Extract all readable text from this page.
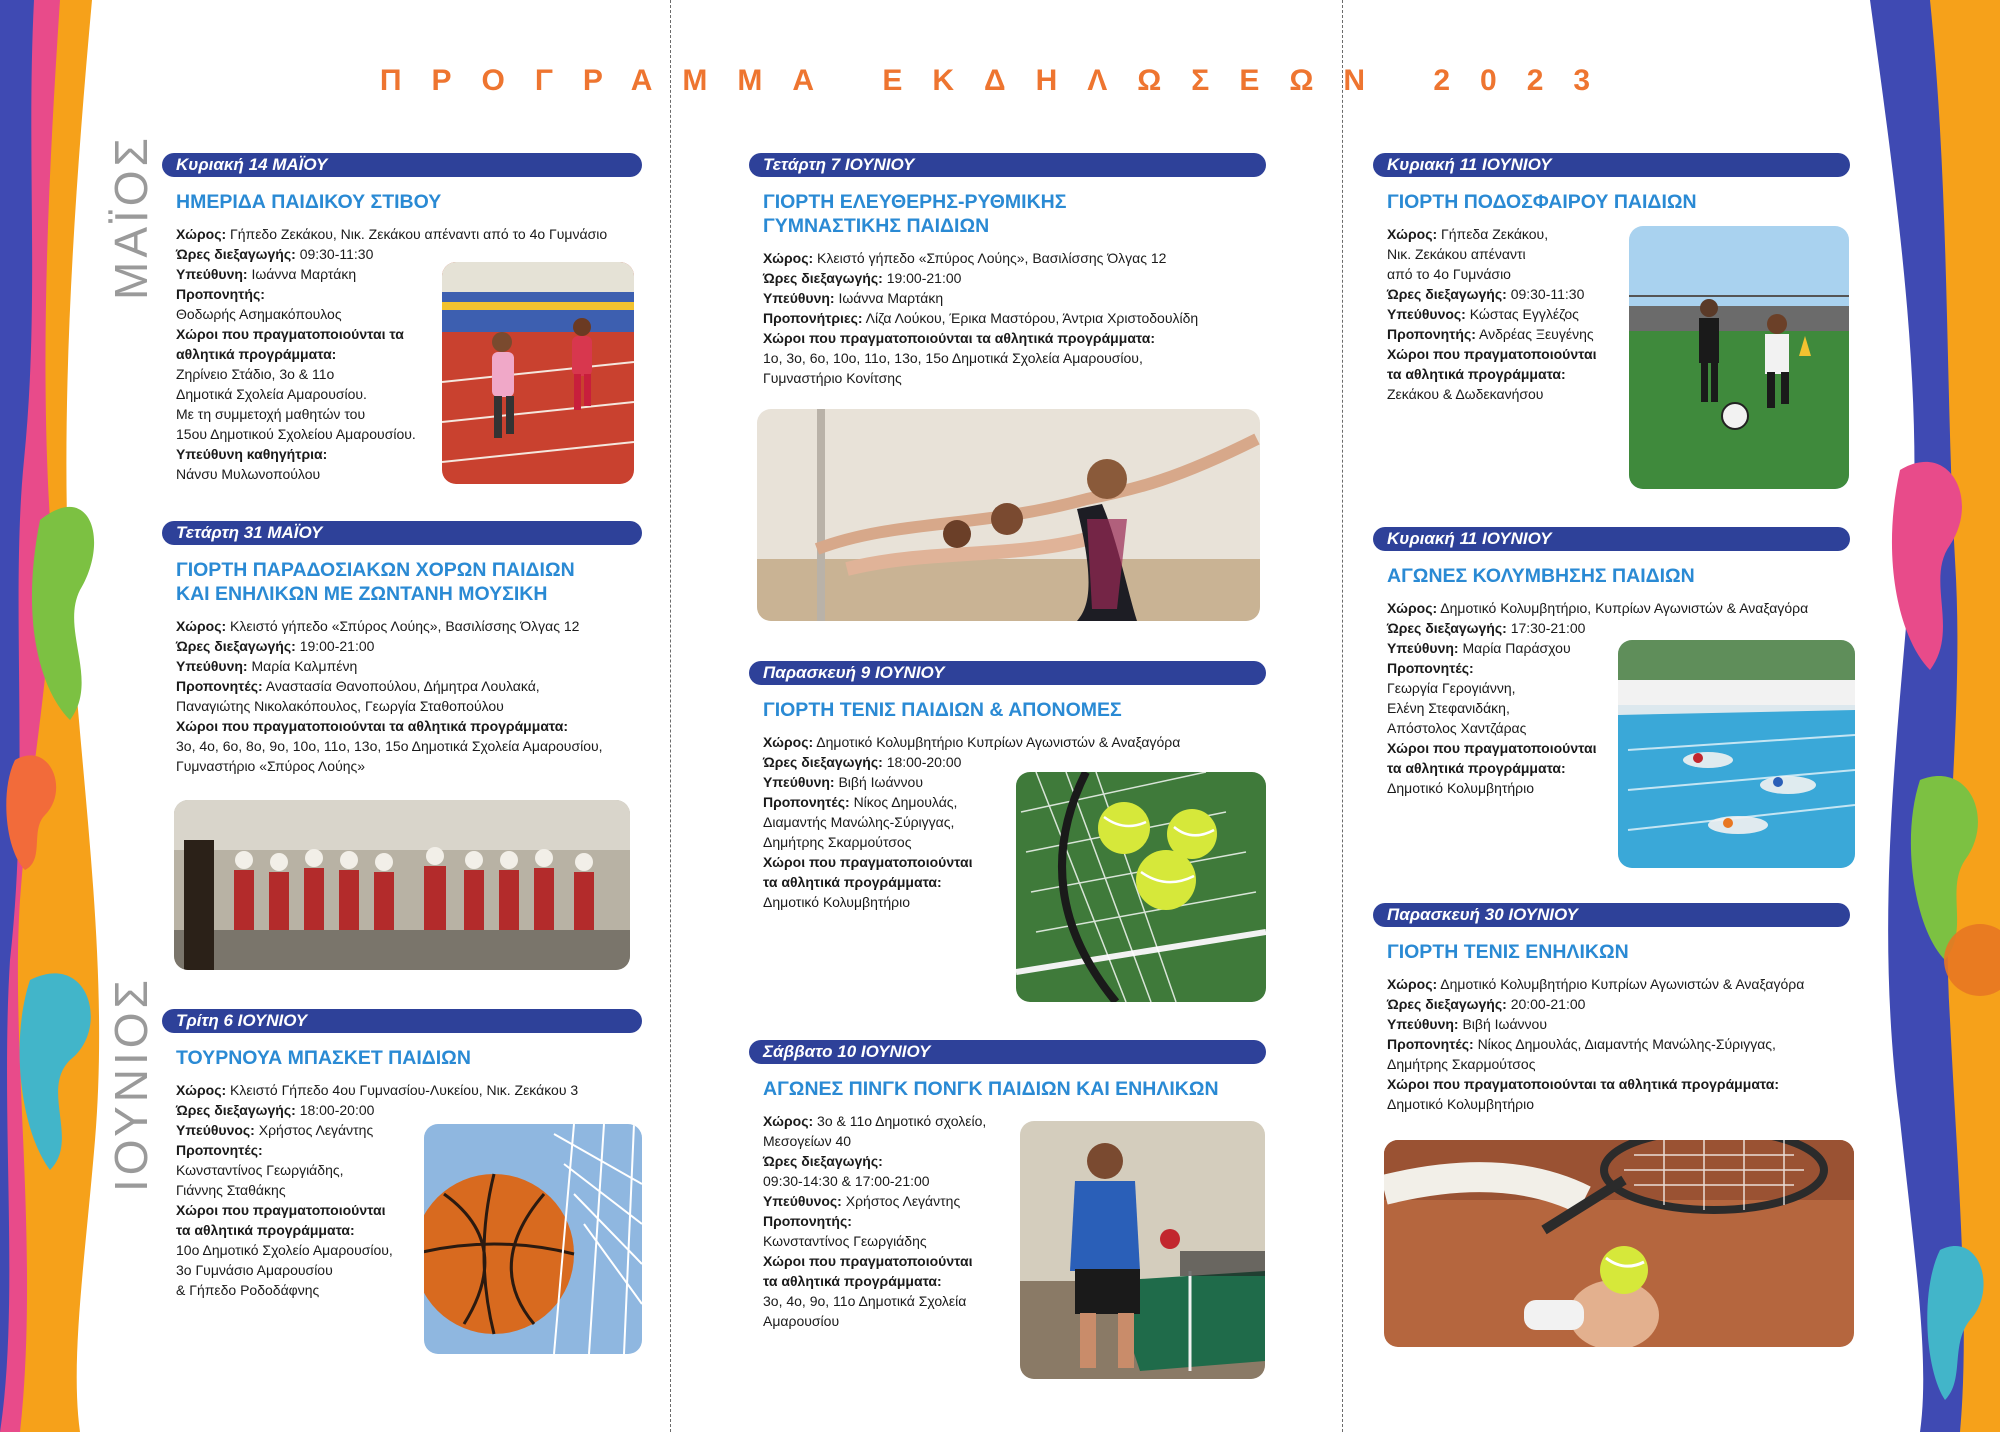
ΠΡΟΓΡΑΜΜΑ ΕΚΔΗΛΩΣΕΩΝ 2023
ΜΑΪΟΣ
ΙΟΥΝΙΟΣ
Κυριακή 14 ΜΑΪΟΥ
ΗΜΕΡΙΔΑ ΠΑΙΔΙΚΟΥ ΣΤΙΒΟΥ
Χώρος: Γήπεδο Ζεκάκου, Νικ. Ζεκάκου απέναντι από το 4ο Γυμνάσιο
Ώρες διεξαγωγής: 09:30-11:30
Υπεύθυνη: Ιωάννα Μαρτάκη
Προπονητής:
Θοδωρής Ασημακόπουλος
Χώροι που πραγματοποιούνται τα αθλητικά προγράμματα:
Ζηρίνειο Στάδιο, 3ο & 11ο
Δημοτικά Σχολεία Αμαρουσίου.
Με τη συμμετοχή μαθητών του
15ου Δημοτικού Σχολείου Αμαρουσίου.
Υπεύθυνη καθηγήτρια:
Νάνσυ Μυλωνοπούλου
Τετάρτη 31 ΜΑΪΟΥ
ΓΙΟΡΤΗ ΠΑΡΑΔΟΣΙΑΚΩΝ ΧΟΡΩΝ ΠΑΙΔΙΩΝ
ΚΑΙ ΕΝΗΛΙΚΩΝ ΜΕ ΖΩΝΤΑΝΗ ΜΟΥΣΙΚΗ
Χώρος: Κλειστό γήπεδο «Σπύρος Λούης», Βασιλίσσης Όλγας 12
Ώρες διεξαγωγής: 19:00-21:00
Υπεύθυνη: Μαρία Καλμπένη
Προπονητές: Αναστασία Θανοπούλου, Δήμητρα Λουλακά,
Παναγιώτης Νικολακόπουλος, Γεωργία Σταθοπούλου
Χώροι που πραγματοποιούνται τα αθλητικά προγράμματα:
3ο, 4ο, 6ο, 8ο, 9ο, 10ο, 11ο, 13ο, 15ο Δημοτικά Σχολεία Αμαρουσίου,
Γυμναστήριο «Σπύρος Λούης»
Τρίτη 6 ΙΟΥΝΙΟΥ
ΤΟΥΡΝΟΥΑ ΜΠΑΣΚΕΤ ΠΑΙΔΙΩΝ
Χώρος: Κλειστό Γήπεδο 4ου Γυμνασίου-Λυκείου, Νικ. Ζεκάκου 3
Ώρες διεξαγωγής: 18:00-20:00
Υπεύθυνος: Χρήστος Λεγάντης
Προπονητές:
Κωνσταντίνος Γεωργιάδης,
Γιάννης Σταθάκης
Χώροι που πραγματοποιούνται
τα αθλητικά προγράμματα:
10ο Δημοτικό Σχολείο Αμαρουσίου,
3ο Γυμνάσιο Αμαρουσίου
& Γήπεδο Ροδοδάφνης
Τετάρτη 7 ΙΟΥΝΙΟΥ
ΓΙΟΡΤΗ ΕΛΕΥΘΕΡΗΣ-ΡΥΘΜΙΚΗΣ
ΓΥΜΝΑΣΤΙΚΗΣ ΠΑΙΔΙΩΝ
Χώρος: Κλειστό γήπεδο «Σπύρος Λούης», Βασιλίσσης Όλγας 12
Ώρες διεξαγωγής: 19:00-21:00
Υπεύθυνη: Ιωάννα Μαρτάκη
Προπονήτριες: Λίζα Λούκου, Έρικα Μαστόρου, Άντρια Χριστοδουλίδη
Χώροι που πραγματοποιούνται τα αθλητικά προγράμματα:
1ο, 3ο, 6ο, 10ο, 11ο, 13ο, 15ο Δημοτικά Σχολεία Αμαρουσίου,
Γυμναστήριο Κονίτσης
Παρασκευή 9 ΙΟΥΝΙΟΥ
ΓΙΟΡΤΗ ΤΕΝΙΣ ΠΑΙΔΙΩΝ & ΑΠΟΝΟΜΕΣ
Χώρος: Δημοτικό Κολυμβητήριο Κυπρίων Αγωνιστών & Αναξαγόρα
Ώρες διεξαγωγής: 18:00-20:00
Υπεύθυνη: Βιβή Ιωάννου
Προπονητές: Νίκος Δημουλάς,
Διαμαντής Μανώλης-Σύριγγας,
Δημήτρης Σκαρμούτσος
Χώροι που πραγματοποιούνται
τα αθλητικά προγράμματα:
Δημοτικό Κολυμβητήριο
Σάββατο 10 ΙΟΥΝΙΟΥ
ΑΓΩΝΕΣ ΠΙΝΓΚ ΠΟΝΓΚ ΠΑΙΔΙΩΝ ΚΑΙ ΕΝΗΛΙΚΩΝ
Χώρος: 3ο & 11ο Δημοτικό σχολείο,
Μεσογείων 40
Ώρες διεξαγωγής:
09:30-14:30 & 17:00-21:00
Υπεύθυνος: Χρήστος Λεγάντης
Προπονητής:
Κωνσταντίνος Γεωργιάδης
Χώροι που πραγματοποιούνται
τα αθλητικά προγράμματα:
3ο, 4ο, 9ο, 11ο Δημοτικά Σχολεία
Αμαρουσίου
Κυριακή 11 ΙΟΥΝΙΟΥ
ΓΙΟΡΤΗ ΠΟΔΟΣΦΑΙΡΟΥ ΠΑΙΔΙΩΝ
Χώρος: Γήπεδα Ζεκάκου,
Νικ. Ζεκάκου απέναντι
από το 4ο Γυμνάσιο
Ώρες διεξαγωγής: 09:30-11:30
Υπεύθυνος: Κώστας Εγγλέζος
Προπονητής: Ανδρέας Ξευγένης
Χώροι που πραγματοποιούνται
τα αθλητικά προγράμματα:
Ζεκάκου & Δωδεκανήσου
Κυριακή 11 ΙΟΥΝΙΟΥ
ΑΓΩΝΕΣ ΚΟΛΥΜΒΗΣΗΣ ΠΑΙΔΙΩΝ
Χώρος: Δημοτικό Κολυμβητήριο, Κυπρίων Αγωνιστών & Αναξαγόρα
Ώρες διεξαγωγής: 17:30-21:00
Υπεύθυνη: Μαρία Παράσχου
Προπονητές:
Γεωργία Γερογιάννη,
Ελένη Στεφανιδάκη,
Απόστολος Χαντζάρας
Χώροι που πραγματοποιούνται
τα αθλητικά προγράμματα:
Δημοτικό Κολυμβητήριο
Παρασκευή 30 ΙΟΥΝΙΟΥ
ΓΙΟΡΤΗ ΤΕΝΙΣ ΕΝΗΛΙΚΩΝ
Χώρος: Δημοτικό Κολυμβητήριο Κυπρίων Αγωνιστών & Αναξαγόρα
Ώρες διεξαγωγής: 20:00-21:00
Υπεύθυνη: Βιβή Ιωάννου
Προπονητές: Νίκος Δημουλάς, Διαμαντής Μανώλης-Σύριγγας,
Δημήτρης Σκαρμούτσος
Χώροι που πραγματοποιούνται τα αθλητικά προγράμματα:
Δημοτικό Κολυμβητήριο
